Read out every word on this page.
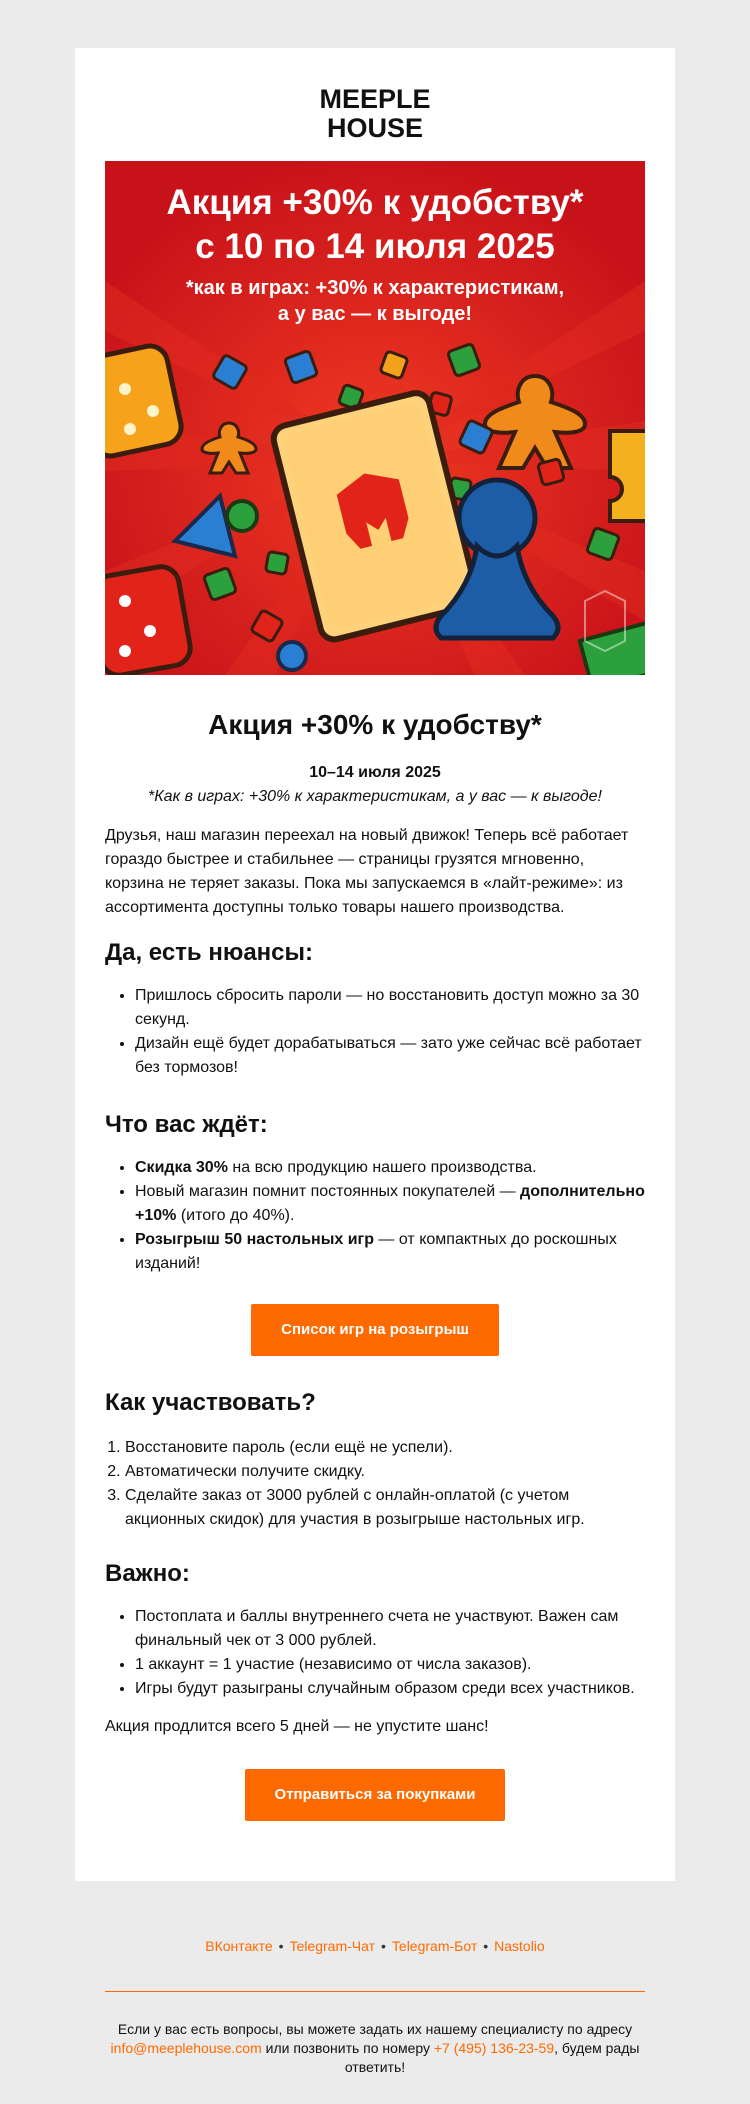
MEEPLE
HOUSE
Акция +30% к удобству*
с 10 по 14 июля 2025
*как в играх: +30% к характеристикам,
а у вас — к выгоде!
Акция +30% к удобству*
10–14 июля 2025
*Как в играх: +30% к характеристикам, а у вас — к выгоде!

Друзья, наш магазин переехал на новый движок! Теперь всё работает гораздо быстрее и стабильнее — страницы грузятся мгновенно, корзина не теряет заказы. Пока мы запускаемся в «лайт-режиме»: из ассортимента доступны только товары нашего производства.

Да, есть нюансы:
• Пришлось сбросить пароли — но восстановить доступ можно за 30 секунд.
• Дизайн ещё будет дорабатываться — зато уже сейчас всё работает без тормозов!
Что вас ждёт:
• Скидка 30% на всю продукцию нашего производства.
• Новый магазин помнит постоянных покупателей — дополнительно +10% (итого до 40%).
• Розыгрыш 50 настольных игр — от компактных до роскошных изданий!
Список игр на розыгрыш
Как участвовать?
1. Восстановите пароль (если ещё не успели).
2. Автоматически получите скидку.
3. Сделайте заказ от 3000 рублей с онлайн-оплатой (с учетом акционных скидок) для участия в розыгрыше настольных игр.
Важно:
• Постоплата и баллы внутреннего счета не участвуют. Важен сам финальный чек от 3 000 рублей.
• 1 аккаунт = 1 участие (независимо от числа заказов).
• Игры будут разыграны случайным образом среди всех участников.

Акция продлится всего 5 дней — не упустите шанс!

Отправиться за покупками
ВКонтакте • Telegram-Чат • Telegram-Бот • Nastolio
Если у вас есть вопросы, вы можете задать их нашему специалисту по адресу info@meeplehouse.com или позвонить по номеру +7 (495) 136-23-59, будем рады ответить!
